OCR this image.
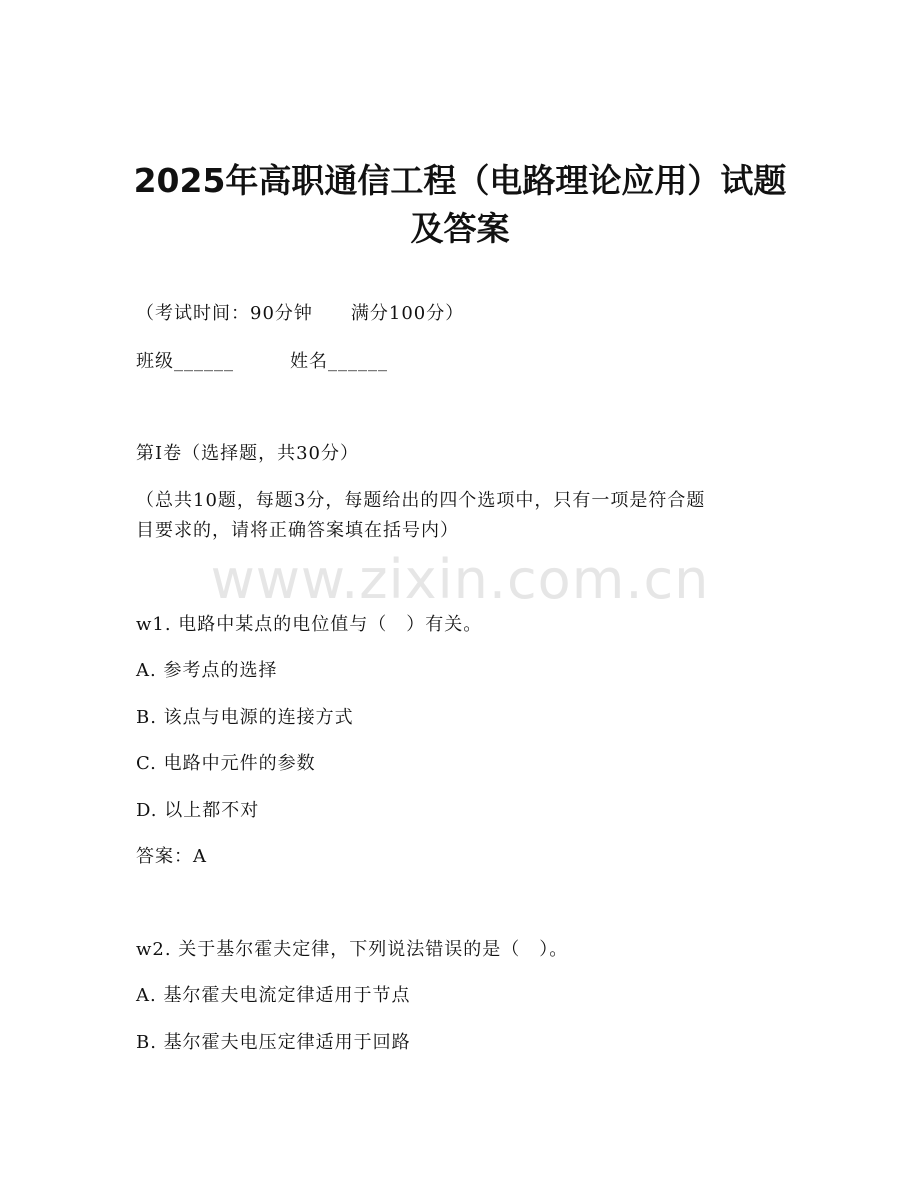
2025年高职通信工程（电路理论应用）试题
及答案
（考试时间：90分钟　　满分100分）
班级______	姓名______
第I卷（选择题，共30分）
（总共10题，每题3分，每题给出的四个选项中，只有一项是符合题
目要求的，请将正确答案填在括号内）
www.zixin.com.cn
w1. 电路中某点的电位值与（　）有关。
A. 参考点的选择
B. 该点与电源的连接方式
C. 电路中元件的参数
D. 以上都不对
答案：A
w2. 关于基尔霍夫定律，下列说法错误的是（　）。
A. 基尔霍夫电流定律适用于节点
B. 基尔霍夫电压定律适用于回路
